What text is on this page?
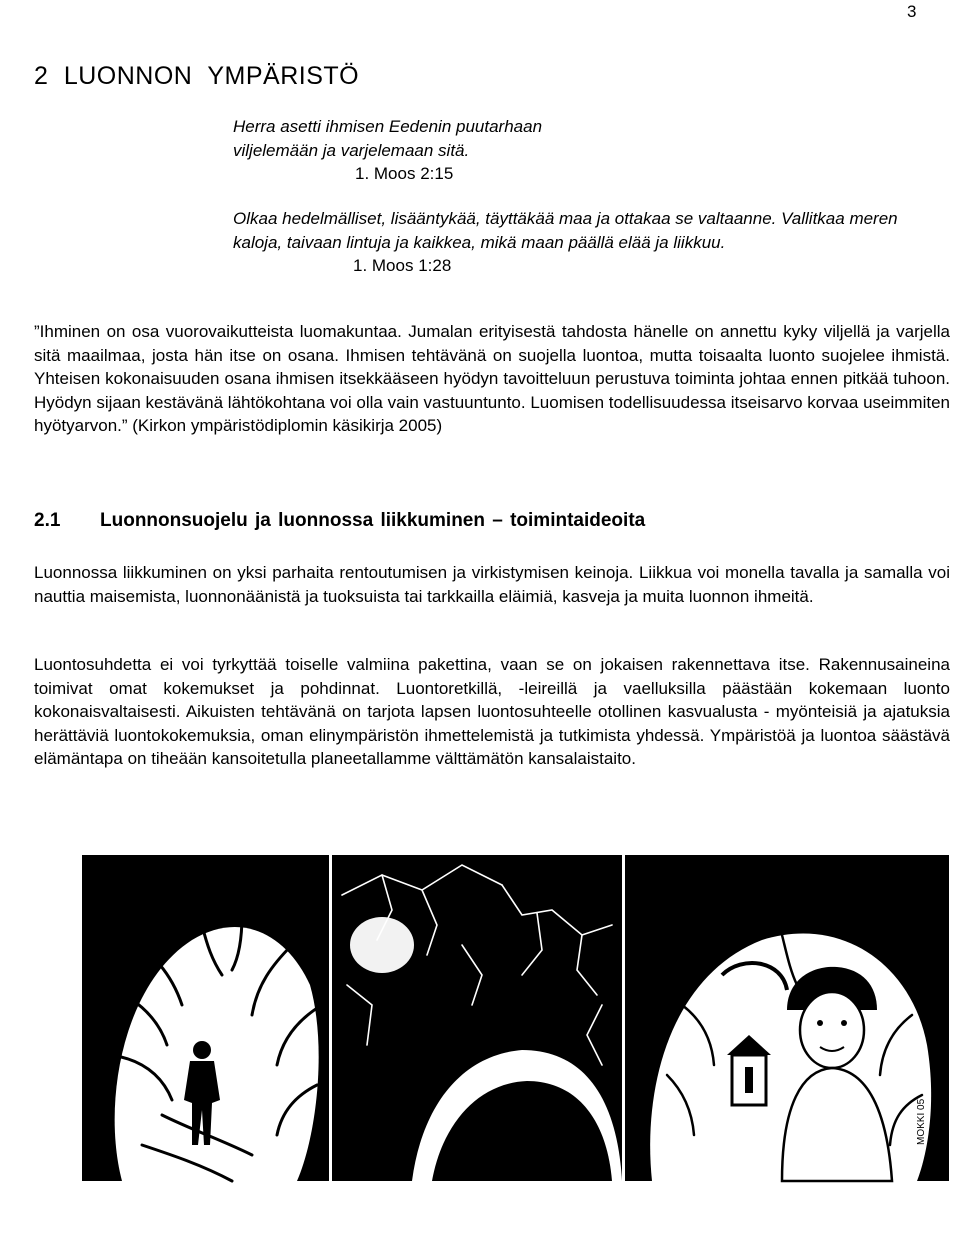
3
2 LUONNON YMPÄRISTÖ
Herra asetti ihmisen Eedenin puutarhaan
viljelemään ja varjelemaan sitä.
1. Moos 2:15
Olkaa hedelmälliset, lisääntykää, täyttäkää maa ja ottakaa se valtaanne. Vallitkaa meren kaloja, taivaan lintuja ja kaikkea, mikä maan päällä elää ja liikkuu.
1. Moos 1:28

”Ihminen on osa vuorovaikutteista luomakuntaa. Jumalan erityisestä tahdosta hänelle on annettu kyky viljellä ja varjella sitä maailmaa, josta hän itse on osana. Ihmisen tehtävänä on suojella luontoa, mutta toisaalta luonto suojelee ihmistä. Yhteisen kokonaisuuden osana ihmisen itsekkääseen hyödyn tavoitteluun perustuva toiminta johtaa ennen pitkää tuhoon. Hyödyn sijaan kestävänä lähtökohtana voi olla vain vastuuntunto. Luomisen todellisuudessa itseisarvo korvaa useimmiten hyötyarvon.” (Kirkon ympäristödiplomin käsikirja 2005)

2.1 Luonnonsuojelu ja luonnossa liikkuminen – toimintaideoita

Luonnossa liikkuminen on yksi parhaita rentoutumisen ja virkistymisen keinoja. Liikkua voi monella tavalla ja samalla voi nauttia maisemista, luonnonäänistä ja tuoksuista tai tarkkailla eläimiä, kasveja ja muita luonnon ihmeitä.

Luontosuhdetta ei voi tyrkyttää toiselle valmiina pakettina, vaan se on jokaisen rakennettava itse. Rakennusaineina toimivat omat kokemukset ja pohdinnat. Luontoretkillä, -leireillä ja vaelluksilla päästään kokemaan luonto kokonaisvaltaisesti. Aikuisten tehtävänä on tarjota lapsen luontosuhteelle otollinen kasvualusta - myönteisiä ja ajatuksia herättäviä luontokokemuksia, oman elinympäristön ihmettelemistä ja tutkimista yhdessä. Ympäristöä ja luontoa säästävä elämäntapa on tiheään kansoitetulla planeetallamme välttämätön kansalaistaito.

MOKKI 05
